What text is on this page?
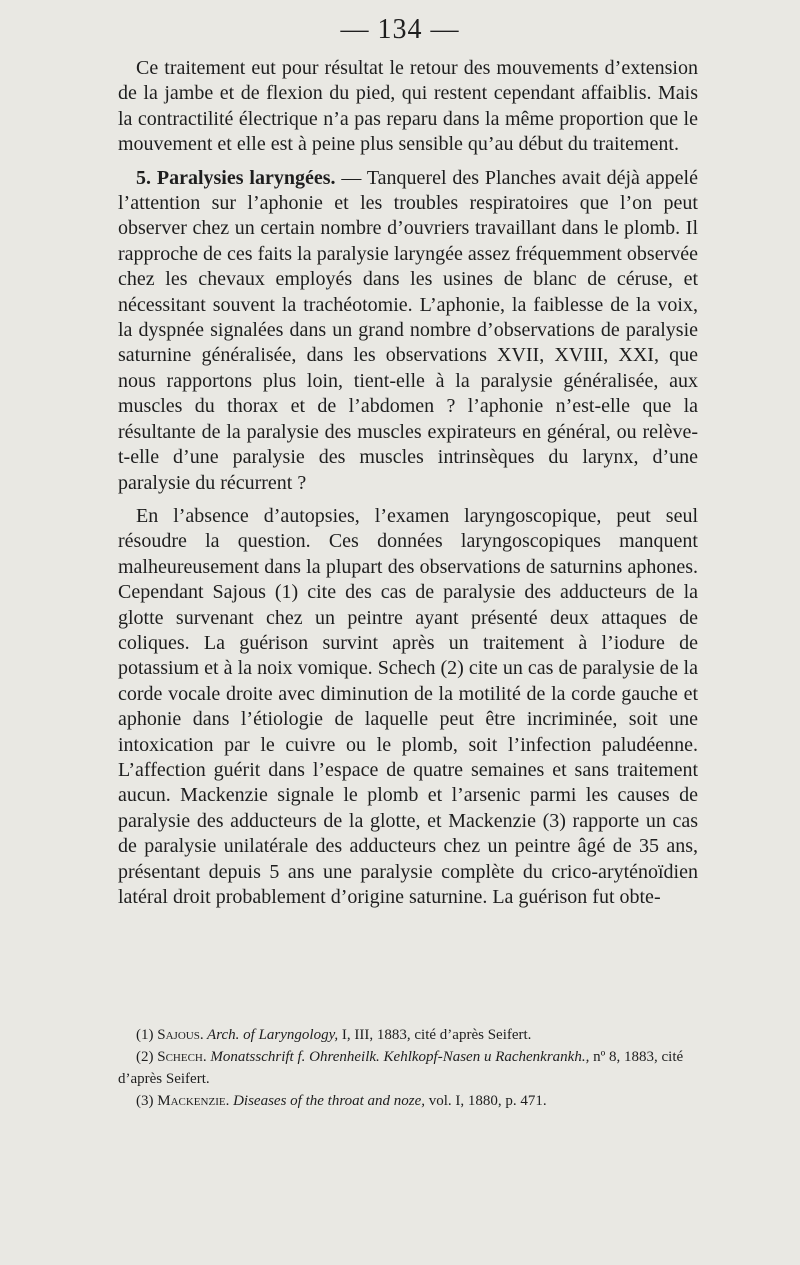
— 134 —

Ce traitement eut pour résultat le retour des mouvements d’extension de la jambe et de flexion du pied, qui restent cependant affaiblis. Mais la contractilité électrique n’a pas reparu dans la même proportion que le mouvement et elle est à peine plus sensible qu’au début du traitement.

5. Paralysies laryngées. — Tanquerel des Planches avait déjà appelé l’attention sur l’aphonie et les troubles respiratoires que l’on peut observer chez un certain nombre d’ouvriers travaillant dans le plomb. Il rapproche de ces faits la paralysie laryngée assez fréquemment observée chez les chevaux employés dans les usines de blanc de céruse, et nécessitant souvent la trachéotomie. L’aphonie, la faiblesse de la voix, la dyspnée signalées dans un grand nombre d’observations de paralysie saturnine généralisée, dans les observations XVII, XVIII, XXI, que nous rapportons plus loin, tient-elle à la paralysie généralisée, aux muscles du thorax et de l’abdomen ? l’aphonie n’est-elle que la résultante de la paralysie des muscles expirateurs en général, ou relève-t-elle d’une paralysie des muscles intrinsèques du larynx, d’une paralysie du récurrent ?

En l’absence d’autopsies, l’examen laryngoscopique, peut seul résoudre la question. Ces données laryngoscopiques manquent malheureusement dans la plupart des observations de saturnins aphones. Cependant Sajous (1) cite des cas de paralysie des adducteurs de la glotte survenant chez un peintre ayant présenté deux attaques de coliques. La guérison survint après un traitement à l’iodure de potassium et à la noix vomique. Schech (2) cite un cas de paralysie de la corde vocale droite avec diminution de la motilité de la corde gauche et aphonie dans l’étiologie de laquelle peut être incriminée, soit une intoxication par le cuivre ou le plomb, soit l’infection paludéenne. L’affection guérit dans l’espace de quatre semaines et sans traitement aucun. Mackenzie signale le plomb et l’arsenic parmi les causes de paralysie des adducteurs de la glotte, et Mackenzie (3) rapporte un cas de paralysie unilatérale des adducteurs chez un peintre âgé de 35 ans, présentant depuis 5 ans une paralysie complète du crico-aryténoïdien latéral droit probablement d’origine saturnine. La guérison fut obte-

(1) Sajous. Arch. of Laryngology, I, III, 1883, cité d’après Seifert.

(2) Schech. Monatsschrift f. Ohrenheilk. Kehlkopf-Nasen u Rachenkrankh., nº 8, 1883, cité d’après Seifert.

(3) Mackenzie. Diseases of the throat and noze, vol. I, 1880, p. 471.
